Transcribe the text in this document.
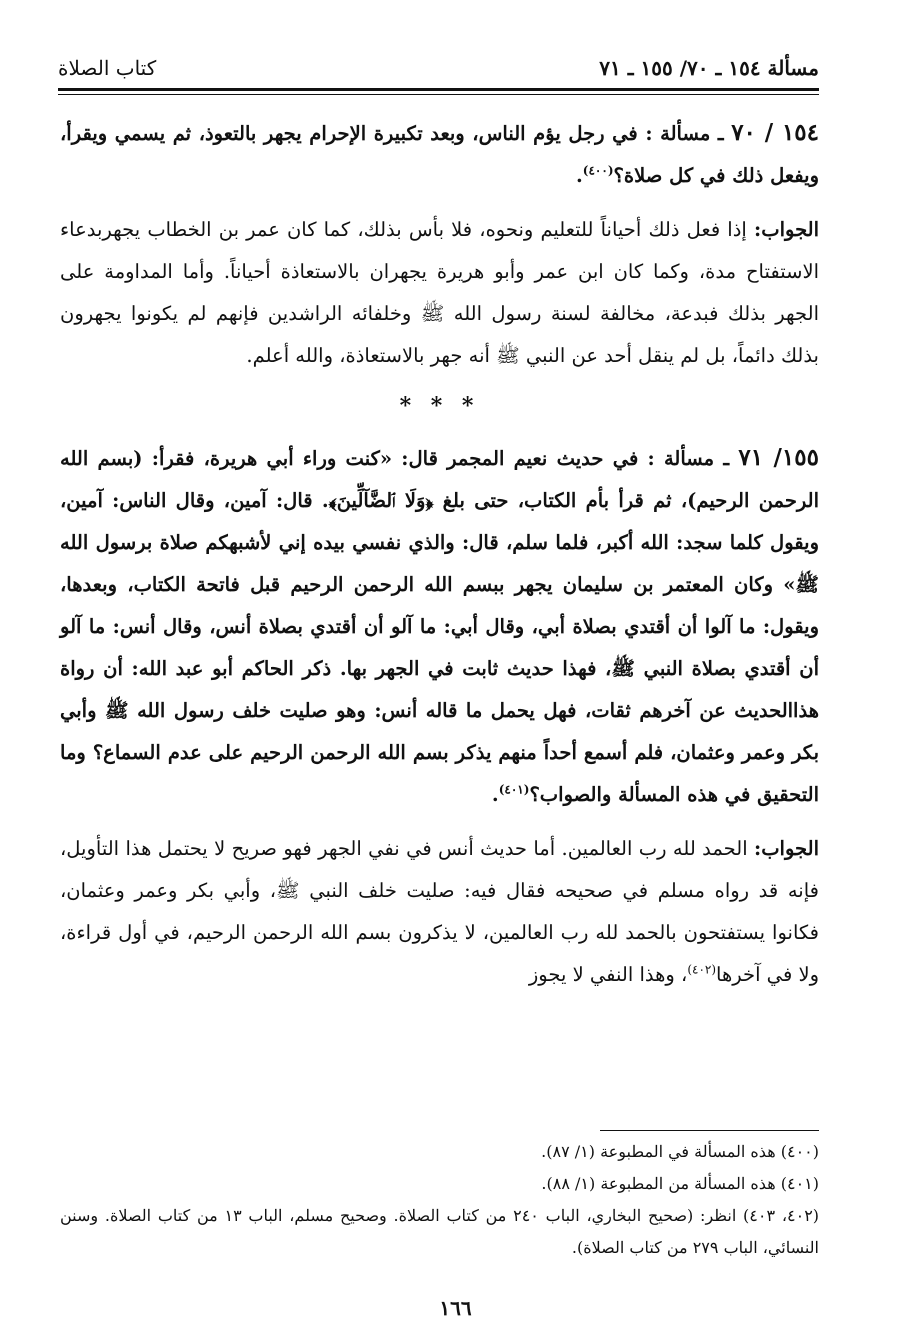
مسألة ١٥٤ ـ ٧٠/ ١٥٥ ـ ٧١
كتاب الصلاة

١٥٤ / ٧٠ ـ مسألة : في رجل يؤم الناس، وبعد تكبيرة الإحرام يجهر بالتعوذ، ثم يسمي ويقرأ، ويفعل ذلك في كل صلاة؟$^{(٤٠٠)}$.

الجواب: إذا فعل ذلك أحياناً للتعليم ونحوه، فلا بأس بذلك، كما كان عمر بن الخطاب يجهربدعاء الاستفتاح مدة، وكما كان ابن عمر وأبو هريرة يجهران بالاستعاذة أحياناً. وأما المداومة على الجهر بذلك فبدعة، مخالفة لسنة رسول الله ﷺ وخلفائه الراشدين فإنهم لم يكونوا يجهرون بذلك دائماً، بل لم ينقل أحد عن النبي ﷺ أنه جهر بالاستعاذة، والله أعلم.

* * *

١٥٥/ ٧١ ـ مسألة : في حديث نعيم المجمر قال: «كنت وراء أبي هريرة، فقرأ: (بسم الله الرحمن الرحيم)، ثم قرأ بأم الكتاب، حتى بلغ ﴿وَلَا ٱلضَّآلِّينَ﴾. قال: آمين، وقال الناس: آمين، ويقول كلما سجد: الله أكبر، فلما سلم، قال: والذي نفسي بيده إني لأشبهكم صلاة برسول الله ﷺ» وكان المعتمر بن سليمان يجهر ببسم الله الرحمن الرحيم قبل فاتحة الكتاب، وبعدها، ويقول: ما آلوا أن أقتدي بصلاة أبي، وقال أبي: ما آلو أن أقتدي بصلاة أنس، وقال أنس: ما آلو أن أقتدي بصلاة النبي ﷺ، فهذا حديث ثابت في الجهر بها. ذكر الحاكم أبو عبد الله: أن رواة هذاالحديث عن آخرهم ثقات، فهل يحمل ما قاله أنس: وهو صليت خلف رسول الله ﷺ وأبي بكر وعمر وعثمان، فلم أسمع أحداً منهم يذكر بسم الله الرحمن الرحيم على عدم السماع؟ وما التحقيق في هذه المسألة والصواب؟$^{(٤٠١)}$.

الجواب: الحمد لله رب العالمين. أما حديث أنس في نفي الجهر فهو صريح لا يحتمل هذا التأويل، فإنه قد رواه مسلم في صحيحه فقال فيه: صليت خلف النبي ﷺ، وأبي بكر وعمر وعثمان، فكانوا يستفتحون بالحمد لله رب العالمين، لا يذكرون بسم الله الرحمن الرحيم، في أول قراءة، ولا في آخرها$^{(٤٠٢)}$، وهذا النفي لا يجوز

(٤٠٠) هذه المسألة في المطبوعة (١/ ٨٧).

(٤٠١) هذه المسألة من المطبوعة (١/ ٨٨).

(٤٠٢، ٤٠٣) انظر: (صحيح البخاري، الباب ٢٤٠ من كتاب الصلاة. وصحيح مسلم، الباب ١٣ من كتاب الصلاة. وسنن النسائي، الباب ٢٧٩ من كتاب الصلاة).

١٦٦
